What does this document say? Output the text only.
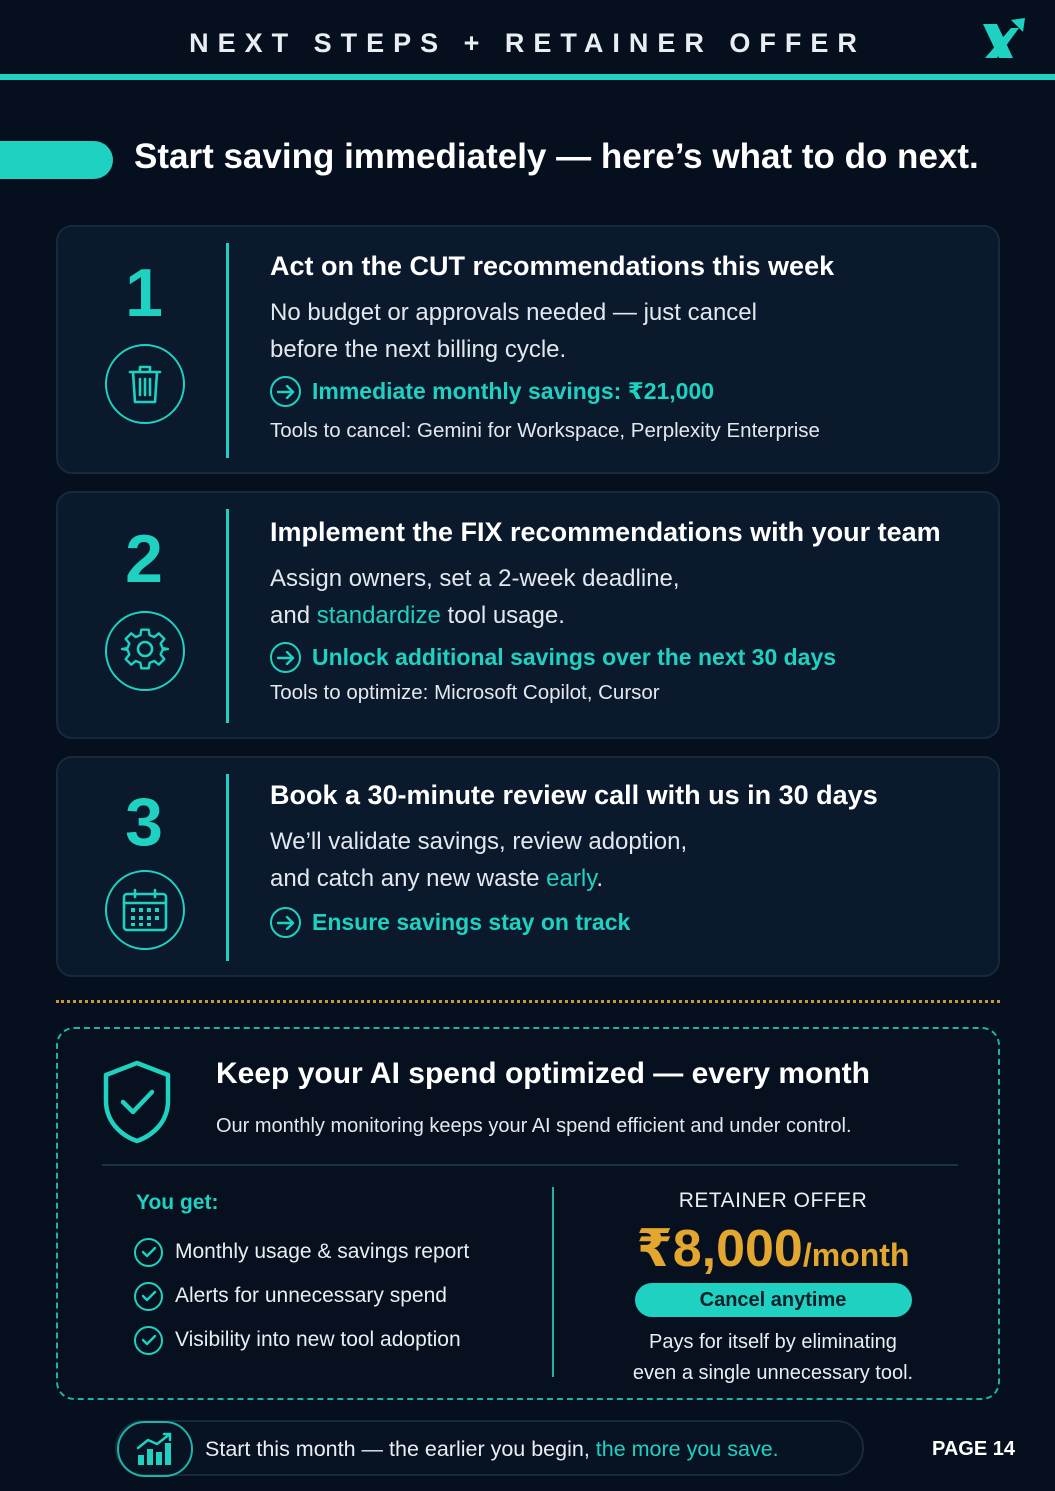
NEXT STEPS + RETAINER OFFER
Start saving immediately — here’s what to do next.
1	Act on the CUT recommendations this week
No budget or approvals needed — just cancel
before the next billing cycle.
Immediate monthly savings: ₹21,000
Tools to cancel: Gemini for Workspace, Perplexity Enterprise
2	Implement the FIX recommendations with your team
Assign owners, set a 2-week deadline,
and standardize tool usage.
Unlock additional savings over the next 30 days
Tools to optimize: Microsoft Copilot, Cursor
3	Book a 30-minute review call with us in 30 days
We’ll validate savings, review adoption,
and catch any new waste early.
Ensure savings stay on track
Keep your AI spend optimized — every month
Our monthly monitoring keeps your AI spend efficient and under control.
You get:
Monthly usage & savings report
Alerts for unnecessary spend
Visibility into new tool adoption
RETAINER OFFER
₹8,000/month
Cancel anytime
Pays for itself by eliminating
even a single unnecessary tool.
Start this month — the earlier you begin, the more you save.	PAGE 14
